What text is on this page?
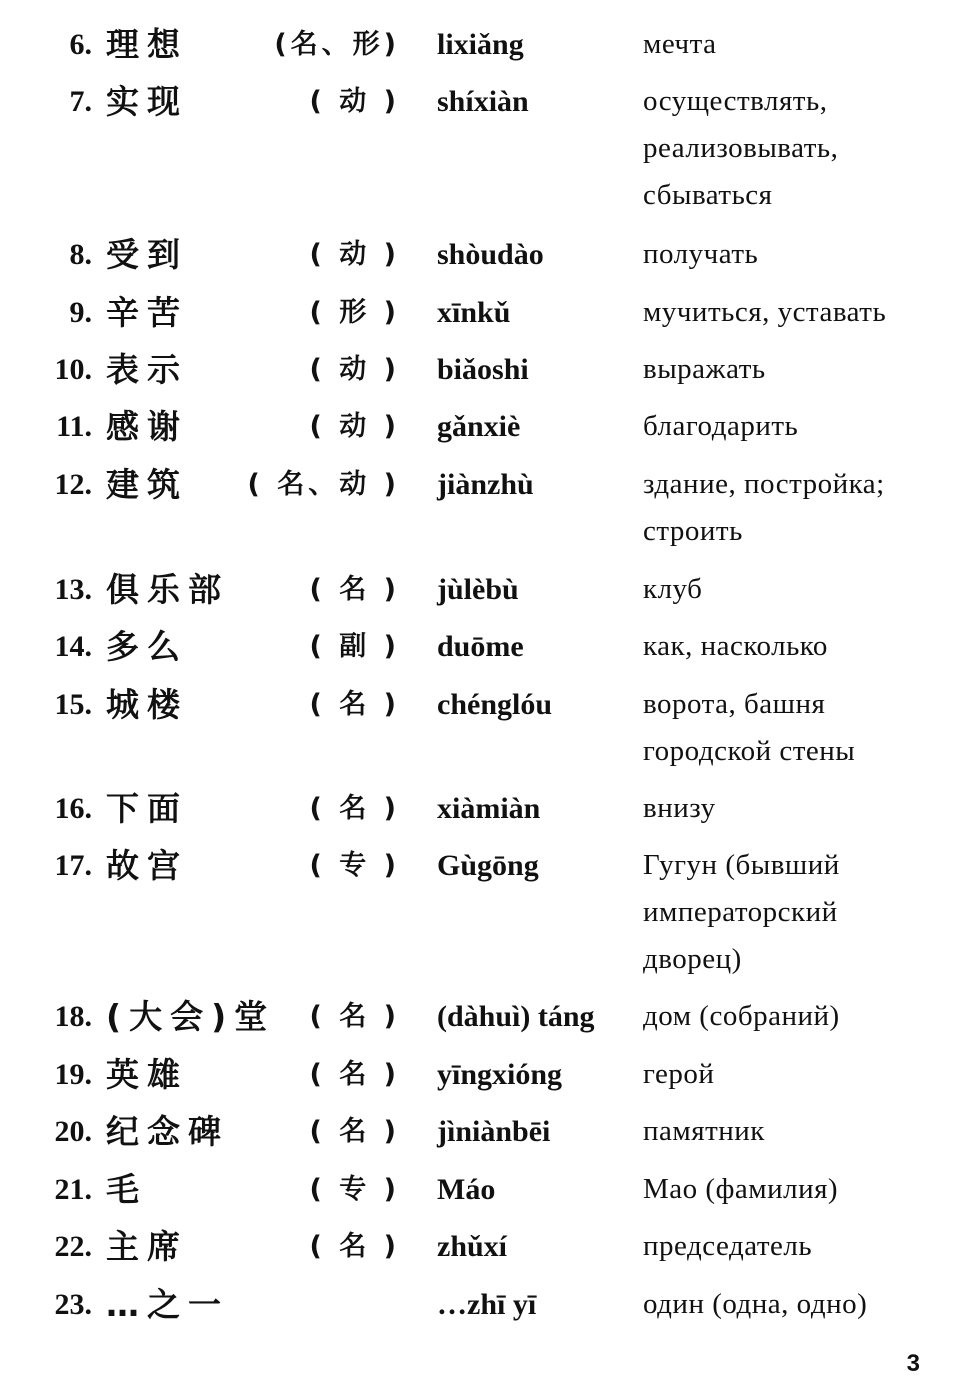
6. 理想	(名、形) lixiǎng	мечта
7. 实现	( 动 ) shíxiàn	осуществлять,
реализовывать,
сбываться
8. 受到	( 动 ) shòudào	получать
9. 辛苦	( 形 ) xīnkǔ	мучиться, уставать
10. 表示	( 动 ) biǎoshi	выражать
11. 感谢	( 动 ) gǎnxiè	благодарить
12. 建筑 ( 名、动 ) jiànzhù	здание, постройка;
строить
13. 俱乐部	( 名 ) jùlèbù	клуб
14. 多么	( 副 ) duōme	как, насколько
15. 城楼	( 名 ) chénglóu	ворота, башня
городской стены
16. 下面	( 名 ) xiàmiàn	внизу
17. 故宫	( 专 ) Gùgōng	Гугун (бывший
императорский
дворец)
18. (大会)堂 ( 名 ) (dàhuì) táng дом (собраний)
19. 英雄	( 名 ) yīngxióng	герой
20. 纪念碑	( 名 ) jìniànbēi	памятник
21. 毛	( 专 ) Máo	Мао (фамилия)
22. 主席	( 名 ) zhǔxí	председатель
23. …之一	…zhī yī	один (одна, одно)
3
